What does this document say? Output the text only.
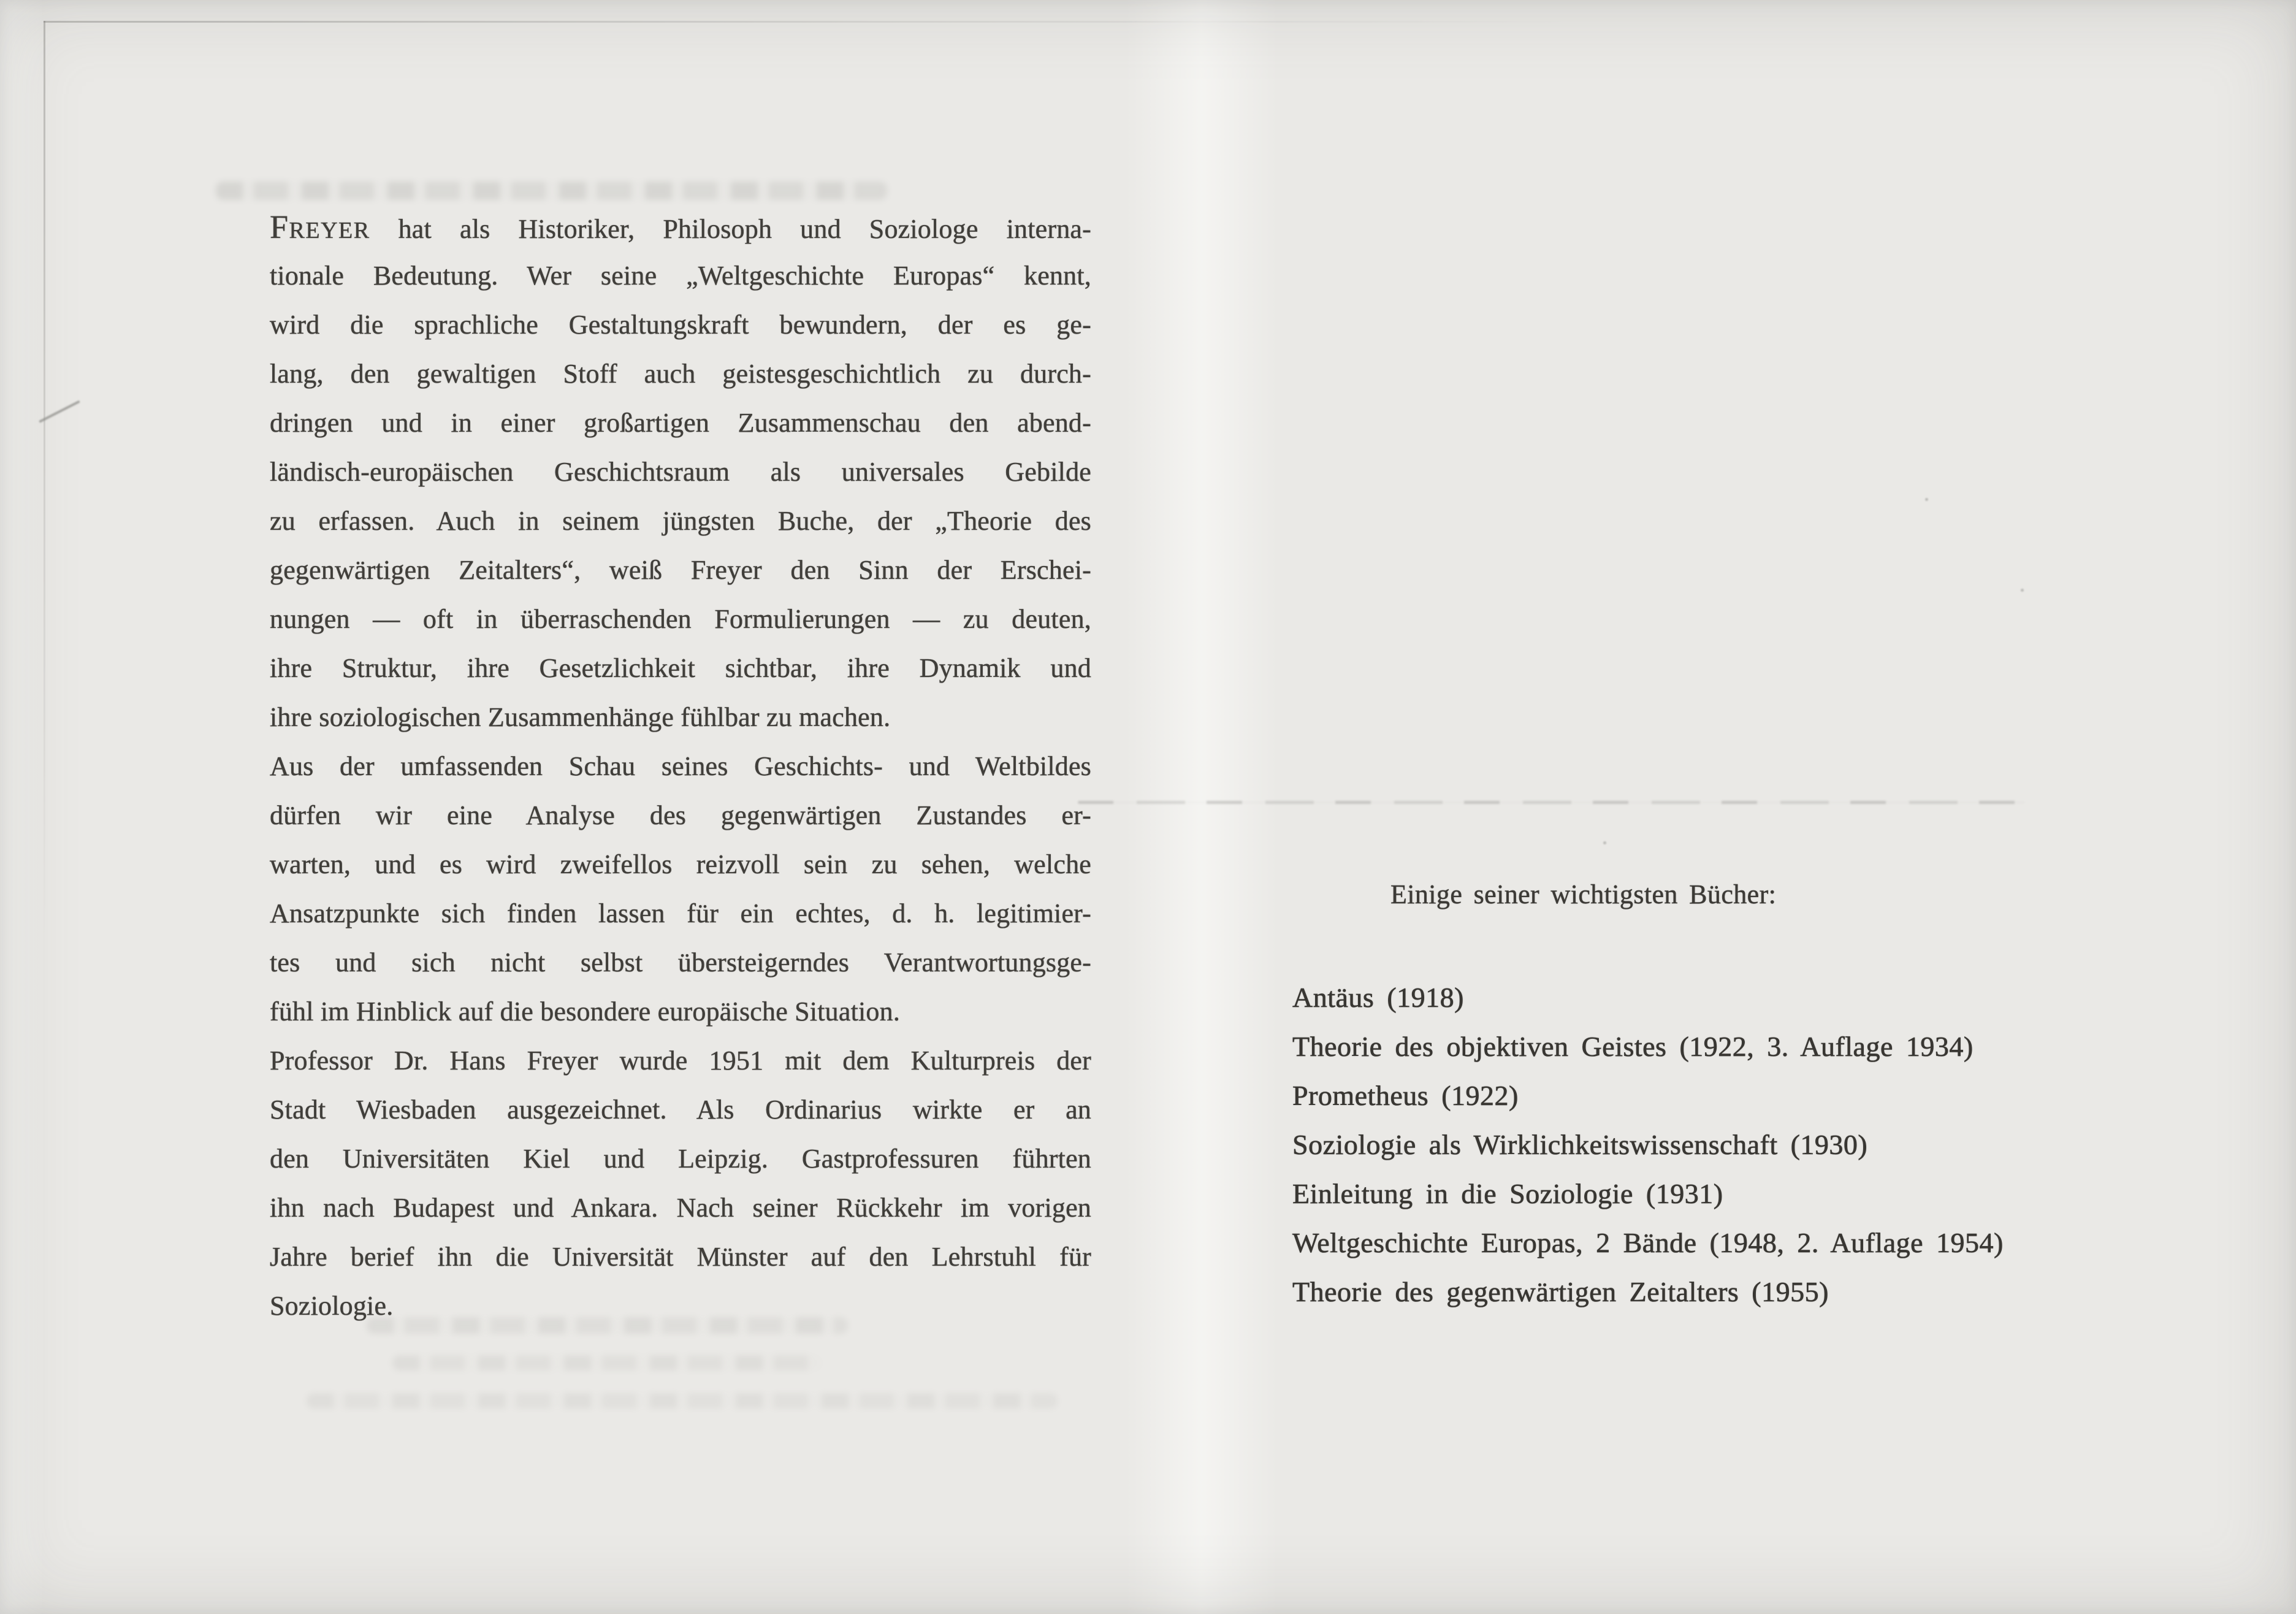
Freyer hat als Historiker, Philosoph und Soziologe interna-
tionale Bedeutung. Wer seine „Weltgeschichte Europas“ kennt,
wird die sprachliche Gestaltungskraft bewundern, der es ge-
lang, den gewaltigen Stoff auch geistesgeschichtlich zu durch-
dringen und in einer großartigen Zusammenschau den abend-
ländisch-europäischen Geschichtsraum als universales Gebilde
zu erfassen. Auch in seinem jüngsten Buche, der „Theorie des
gegenwärtigen Zeitalters“, weiß Freyer den Sinn der Erschei-
nungen — oft in überraschenden Formulierungen — zu deuten,
ihre Struktur, ihre Gesetzlichkeit sichtbar, ihre Dynamik und
ihre soziologischen Zusammenhänge fühlbar zu machen.
Aus der umfassenden Schau seines Geschichts- und Weltbildes
dürfen wir eine Analyse des gegenwärtigen Zustandes er-
warten, und es wird zweifellos reizvoll sein zu sehen, welche
Ansatzpunkte sich finden lassen für ein echtes, d. h. legitimier-
tes und sich nicht selbst übersteigerndes Verantwortungsge-
fühl im Hinblick auf die besondere europäische Situation.
Professor Dr. Hans Freyer wurde 1951 mit dem Kulturpreis der
Stadt Wiesbaden ausgezeichnet. Als Ordinarius wirkte er an
den Universitäten Kiel und Leipzig. Gastprofessuren führten
ihn nach Budapest und Ankara. Nach seiner Rückkehr im vorigen
Jahre berief ihn die Universität Münster auf den Lehrstuhl für
Soziologie.
Einige seiner wichtigsten Bücher:
Antäus (1918)
Theorie des objektiven Geistes (1922, 3. Auflage 1934)
Prometheus (1922)
Soziologie als Wirklichkeitswissenschaft (1930)
Einleitung in die Soziologie (1931)
Weltgeschichte Europas, 2 Bände (1948, 2. Auflage 1954)
Theorie des gegenwärtigen Zeitalters (1955)
